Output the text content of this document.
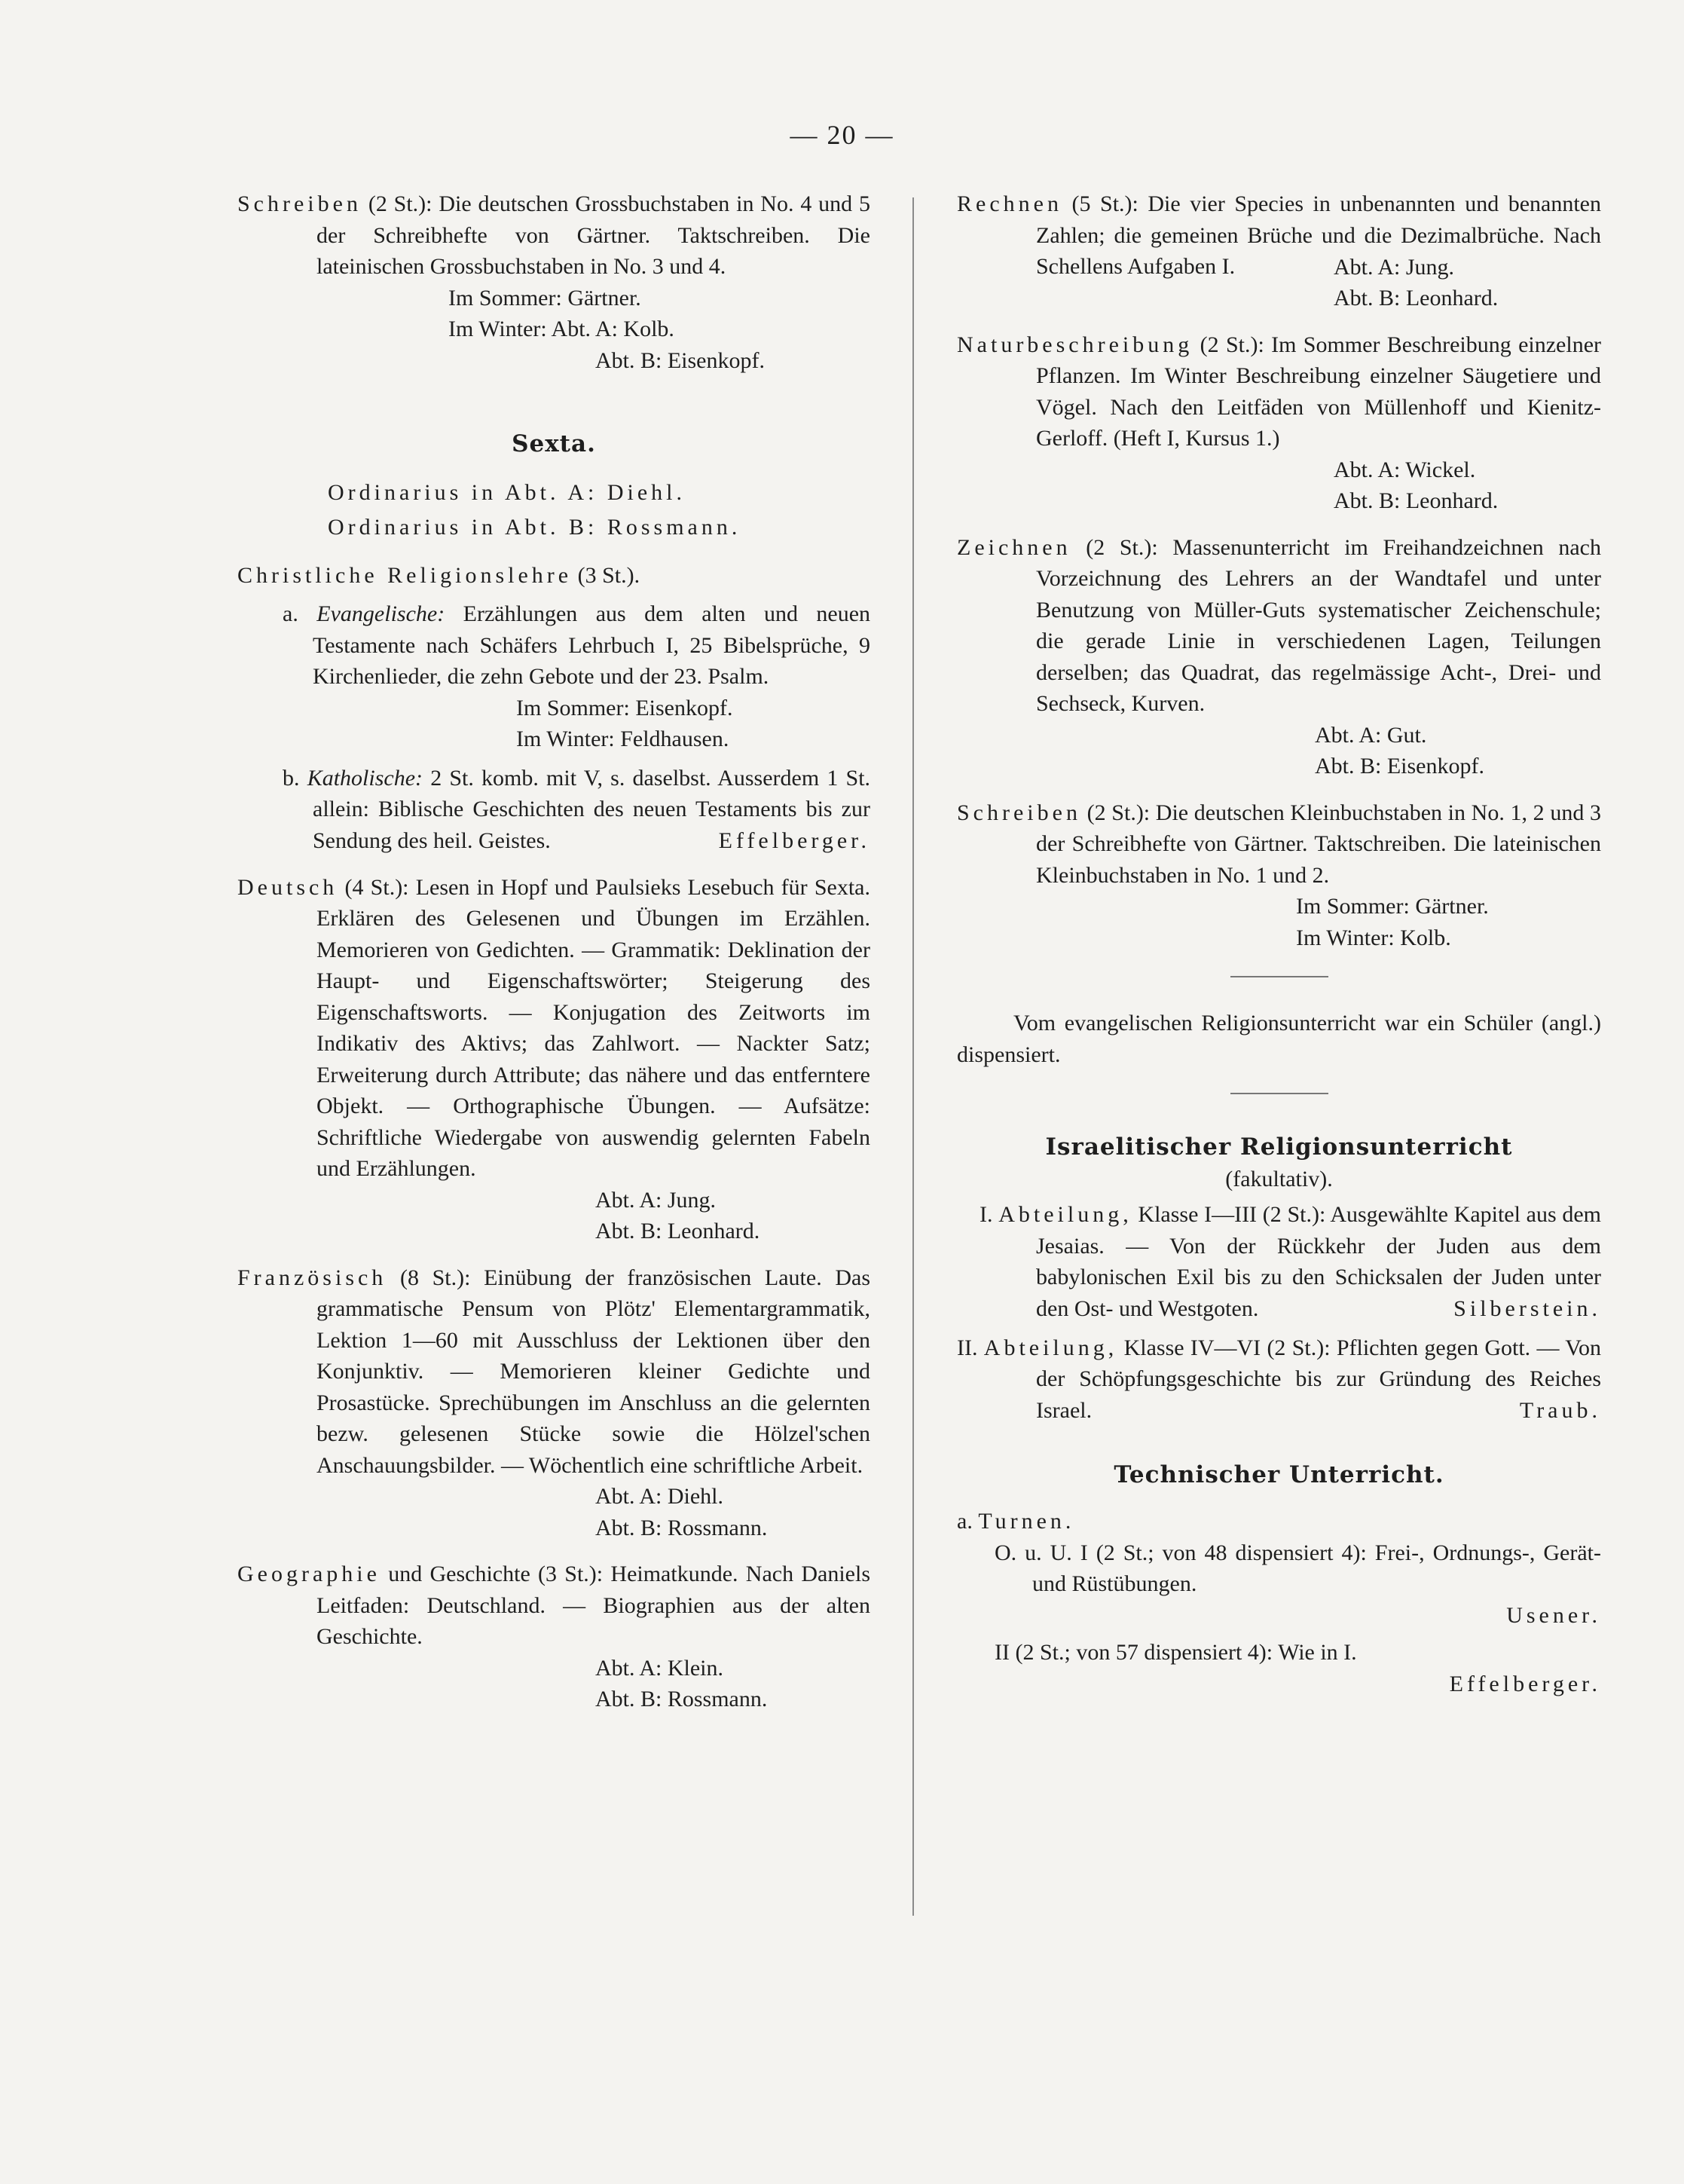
— 20 —

Schreiben (2 St.): Die deutschen Grossbuchstaben in No. 4 und 5 der Schreibhefte von Gärtner. Taktschreiben. Die lateinischen Grossbuchstaben in No. 3 und 4.

Im Sommer: Gärtner.

Im Winter: Abt. A: Kolb.

Abt. B: Eisenkopf.

Sexta.

Ordinarius in Abt. A: Diehl.

Ordinarius in Abt. B: Rossmann.

Christliche Religionslehre (3 St.).

a. Evangelische: Erzählungen aus dem alten und neuen Testamente nach Schäfers Lehrbuch I, 25 Bibelsprüche, 9 Kirchenlieder, die zehn Gebote und der 23. Psalm.

Im Sommer: Eisenkopf.

Im Winter: Feldhausen.

b. Katholische: 2 St. komb. mit V, s. daselbst. Ausserdem 1 St. allein: Biblische Geschichten des neuen Testaments bis zur Sendung des heil. Geistes.	Effelberger.

Deutsch (4 St.): Lesen in Hopf und Paulsieks Lesebuch für Sexta. Erklären des Gelesenen und Übungen im Erzählen. Memorieren von Gedichten. — Grammatik: Deklination der Haupt- und Eigenschaftswörter; Steigerung des Eigenschaftsworts. — Konjugation des Zeitworts im Indikativ des Aktivs; das Zahlwort. — Nackter Satz; Erweiterung durch Attribute; das nähere und das entferntere Objekt. — Orthographische Übungen. — Aufsätze: Schriftliche Wiedergabe von auswendig gelernten Fabeln und Erzählungen.

Abt. A: Jung.

Abt. B: Leonhard.

Französisch (8 St.): Einübung der französischen Laute. Das grammatische Pensum von Plötz' Elementargrammatik, Lektion 1—60 mit Ausschluss der Lektionen über den Konjunktiv. — Memorieren kleiner Gedichte und Prosastücke. Sprechübungen im Anschluss an die gelernten bezw. gelesenen Stücke sowie die Hölzel'schen Anschauungsbilder. — Wöchentlich eine schriftliche Arbeit.

Abt. A: Diehl.

Abt. B: Rossmann.

Geographie und Geschichte (3 St.): Heimatkunde. Nach Daniels Leitfaden: Deutschland. — Biographien aus der alten Geschichte.

Abt. A: Klein.

Abt. B: Rossmann.

Rechnen (5 St.): Die vier Species in unbenannten und benannten Zahlen; die gemeinen Brüche und die Dezimalbrüche. Nach Schellens Aufgaben I.	Abt. A: Jung.

Abt. B: Leonhard.

Naturbeschreibung (2 St.): Im Sommer Beschreibung einzelner Pflanzen. Im Winter Beschreibung einzelner Säugetiere und Vögel. Nach den Leitfäden von Müllenhoff und Kienitz-Gerloff. (Heft I, Kursus 1.)

Abt. A: Wickel.

Abt. B: Leonhard.

Zeichnen (2 St.): Massenunterricht im Freihandzeichnen nach Vorzeichnung des Lehrers an der Wandtafel und unter Benutzung von Müller-Guts systematischer Zeichenschule; die gerade Linie in verschiedenen Lagen, Teilungen derselben; das Quadrat, das regelmässige Acht-, Drei- und Sechseck, Kurven.

Abt. A: Gut.

Abt. B: Eisenkopf.

Schreiben (2 St.): Die deutschen Kleinbuchstaben in No. 1, 2 und 3 der Schreibhefte von Gärtner. Taktschreiben. Die lateinischen Kleinbuchstaben in No. 1 und 2.

Im Sommer: Gärtner.

Im Winter: Kolb.

Vom evangelischen Religionsunterricht war ein Schüler (angl.) dispensiert.

Israelitischer Religionsunterricht

(fakultativ).

I. Abteilung, Klasse I—III (2 St.): Ausgewählte Kapitel aus dem Jesaias. — Von der Rückkehr der Juden aus dem babylonischen Exil bis zu den Schicksalen der Juden unter den Ost- und Westgoten.	Silberstein.

II. Abteilung, Klasse IV—VI (2 St.): Pflichten gegen Gott. — Von der Schöpfungsgeschichte bis zur Gründung des Reiches Israel.	Traub.

Technischer Unterricht.

a. Turnen.

O. u. U. I (2 St.; von 48 dispensiert 4): Frei-, Ordnungs-, Gerät- und Rüstübungen.

Usener.

II (2 St.; von 57 dispensiert 4): Wie in I.

Effelberger.
